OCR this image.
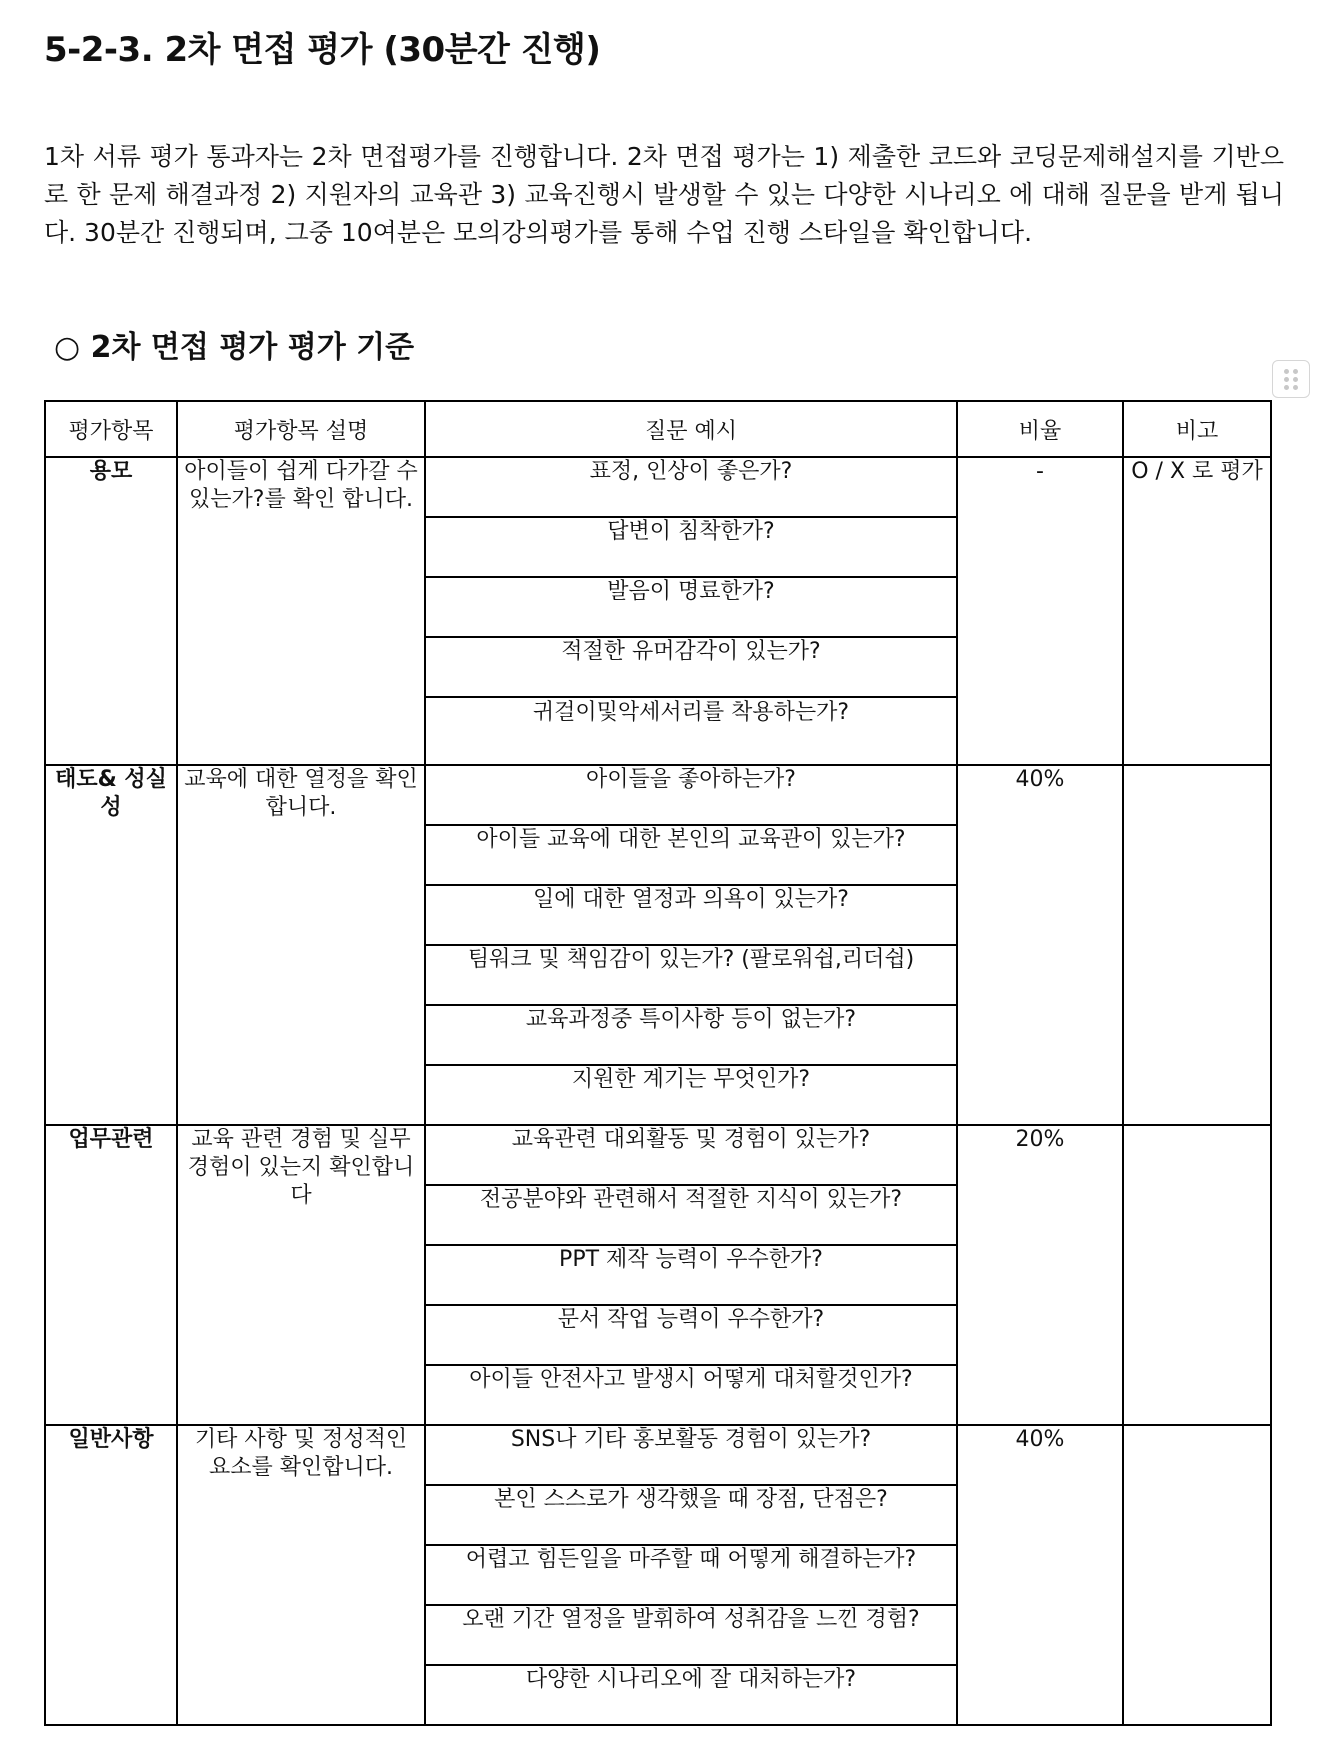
5-2-3. 2차 면접 평가 (30분간 진행)

1차 서류 평가 통과자는 2차 면접평가를 진행합니다. 2차 면접 평가는 1) 제출한 코드와 코딩문제해설지를 기반으로 한 문제 해결과정 2) 지원자의 교육관 3) 교육진행시 발생할 수 있는 다양한 시나리오 에 대해 질문을 받게 됩니다. 30분간 진행되며, 그중 10여분은 모의강의평가를 통해 수업 진행 스타일을 확인합니다.

○ 2차 면접 평가 평가 기준
평가항목	평가항목 설명	질문 예시	비율	비고
용모	아이들이 쉽게 다가갈 수 있는가?를 확인 합니다.	표정, 인상이 좋은가?	-	O / X 로 평가
		답변이 침착한가?		
		발음이 명료한가?		
		적절한 유머감각이 있는가?		
		귀걸이및악세서리를 착용하는가?		
태도& 성실성	교육에 대한 열정을 확인합니다.	아이들을 좋아하는가?	40%	
		아이들 교육에 대한 본인의 교육관이 있는가?		
		일에 대한 열정과 의욕이 있는가?		
		팀워크 및 책임감이 있는가? (팔로워쉽,리더쉽)		
		교육과정중 특이사항 등이 없는가?		
		지원한 계기는 무엇인가?		
업무관련	교육 관련 경험 및 실무경험이 있는지 확인합니다	교육관련 대외활동 및 경험이 있는가?	20%	
		전공분야와 관련해서 적절한 지식이 있는가?		
		PPT 제작 능력이 우수한가?		
		문서 작업 능력이 우수한가?		
		아이들 안전사고 발생시 어떻게 대처할것인가?		
일반사항	기타 사항 및 정성적인 요소를 확인합니다.	SNS나 기타 홍보활동 경험이 있는가?	40%	
		본인 스스로가 생각했을 때 장점, 단점은?		
		어렵고 힘든일을 마주할 때 어떻게 해결하는가?		
		오랜 기간 열정을 발휘하여 성취감을 느낀 경험?		
		다양한 시나리오에 잘 대처하는가?		
